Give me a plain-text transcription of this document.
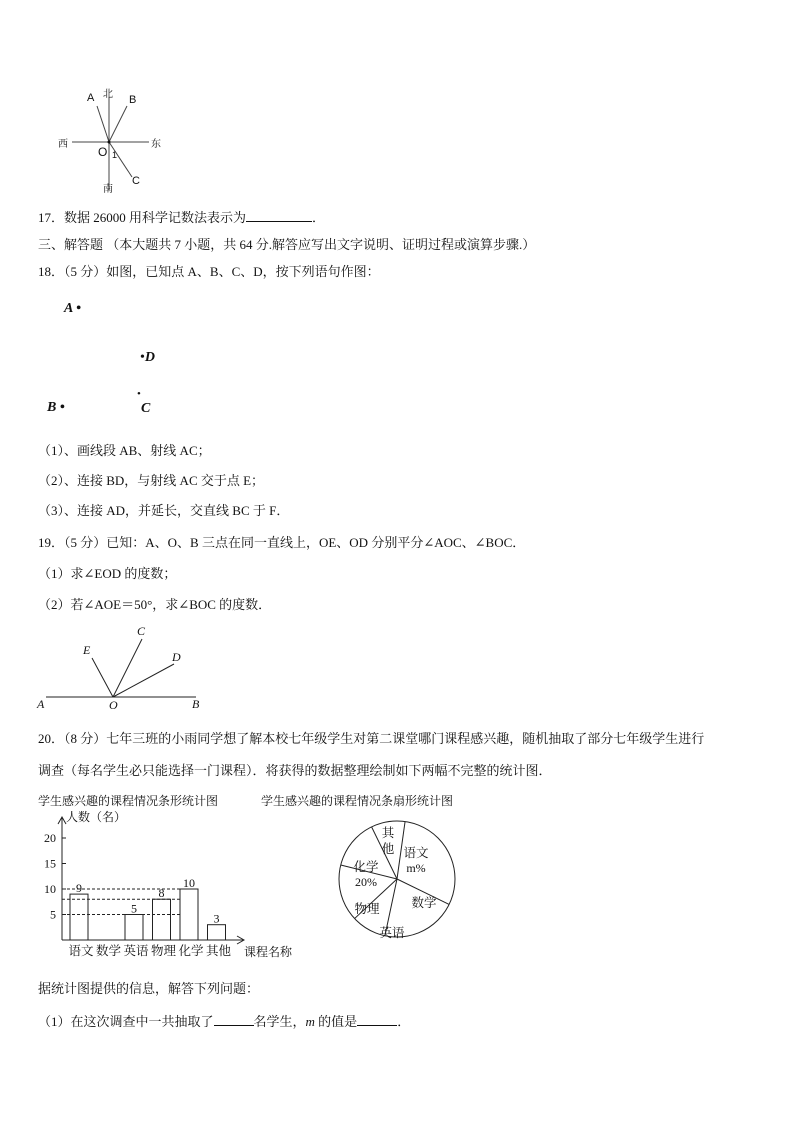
北
A	B
西	东
O 1
南
C
17．数据 26000 用科学记数法表示为	．
三、解答题 （本大题共 7 小题，共 64 分.解答应写出文字说明、证明过程或演算步骤.）
18．（5 分）如图，已知点 A、B、C、D，按下列语句作图：
A •
•D
•
C
B •
（1）、画线段 AB、射线 AC；
（2）、连接 BD，与射线 AC 交于点 E；
（3）、连接 AD，并延长，交直线 BC 于 F．
19．（5 分）已知：A、O、B 三点在同一直线上，OE、OD 分别平分∠AOC、∠BOC．
（1）求∠EOD 的度数；
（2）若∠AOE＝50°，求∠BOC 的度数．
A	O	B
E
C
D
20．（8 分）七年三班的小雨同学想了解本校七年级学生对第二课堂哪门课程感兴趣，随机抽取了部分七年级学生进行
调查（每名学生必只能选择一门课程）．将获得的数据整理绘制如下两幅不完整的统计图．
学生感兴趣的课程情况条形统计图	学生感兴趣的课程情况条扇形统计图
5
10
15
20
语文
9
数学 英语
5
物理
8
化学
10
其他
3
人数（名）
课程名称
其
他 语文
m%
数学
英语
物理
化学
20%
据统计图提供的信息，解答下列问题：
（1）在这次调查中一共抽取了	名学生，m 的值是	．
